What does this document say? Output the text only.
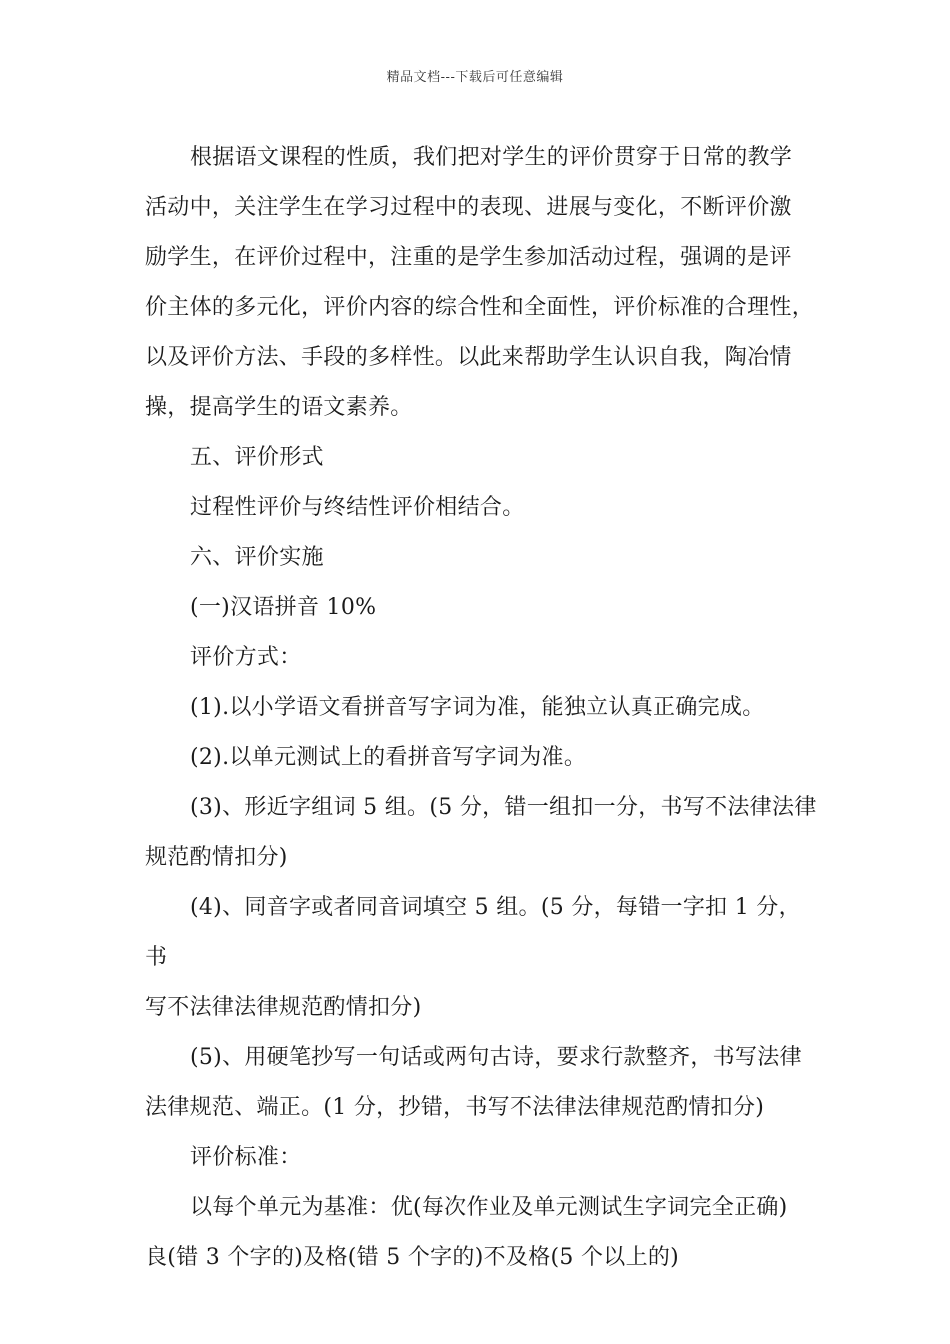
精品文档---下载后可任意编辑

根据语文课程的性质，我们把对学生的评价贯穿于日常的教学
活动中，关注学生在学习过程中的表现、进展与变化，不断评价激
励学生，在评价过程中，注重的是学生参加活动过程，强调的是评
价主体的多元化，评价内容的综合性和全面性，评价标准的合理性，
以及评价方法、手段的多样性。以此来帮助学生认识自我，陶冶情
操，提高学生的语文素养。

五、评价形式

过程性评价与终结性评价相结合。

六、评价实施

(一)汉语拼音 10%

评价方式：

(1).以小学语文看拼音写字词为准，能独立认真正确完成。

(2).以单元测试上的看拼音写字词为准。

(3)、形近字组词 5 组。(5 分，错一组扣一分，书写不法律法律
规范酌情扣分)

(4)、同音字或者同音词填空 5 组。(5 分，每错一字扣 1 分，书
写不法律法律规范酌情扣分)

(5)、用硬笔抄写一句话或两句古诗，要求行款整齐，书写法律
法律规范、端正。(1 分，抄错，书写不法律法律规范酌情扣分)

评价标准：

以每个单元为基准：优(每次作业及单元测试生字词完全正确)
良(错 3 个字的)及格(错 5 个字的)不及格(5 个以上的)
